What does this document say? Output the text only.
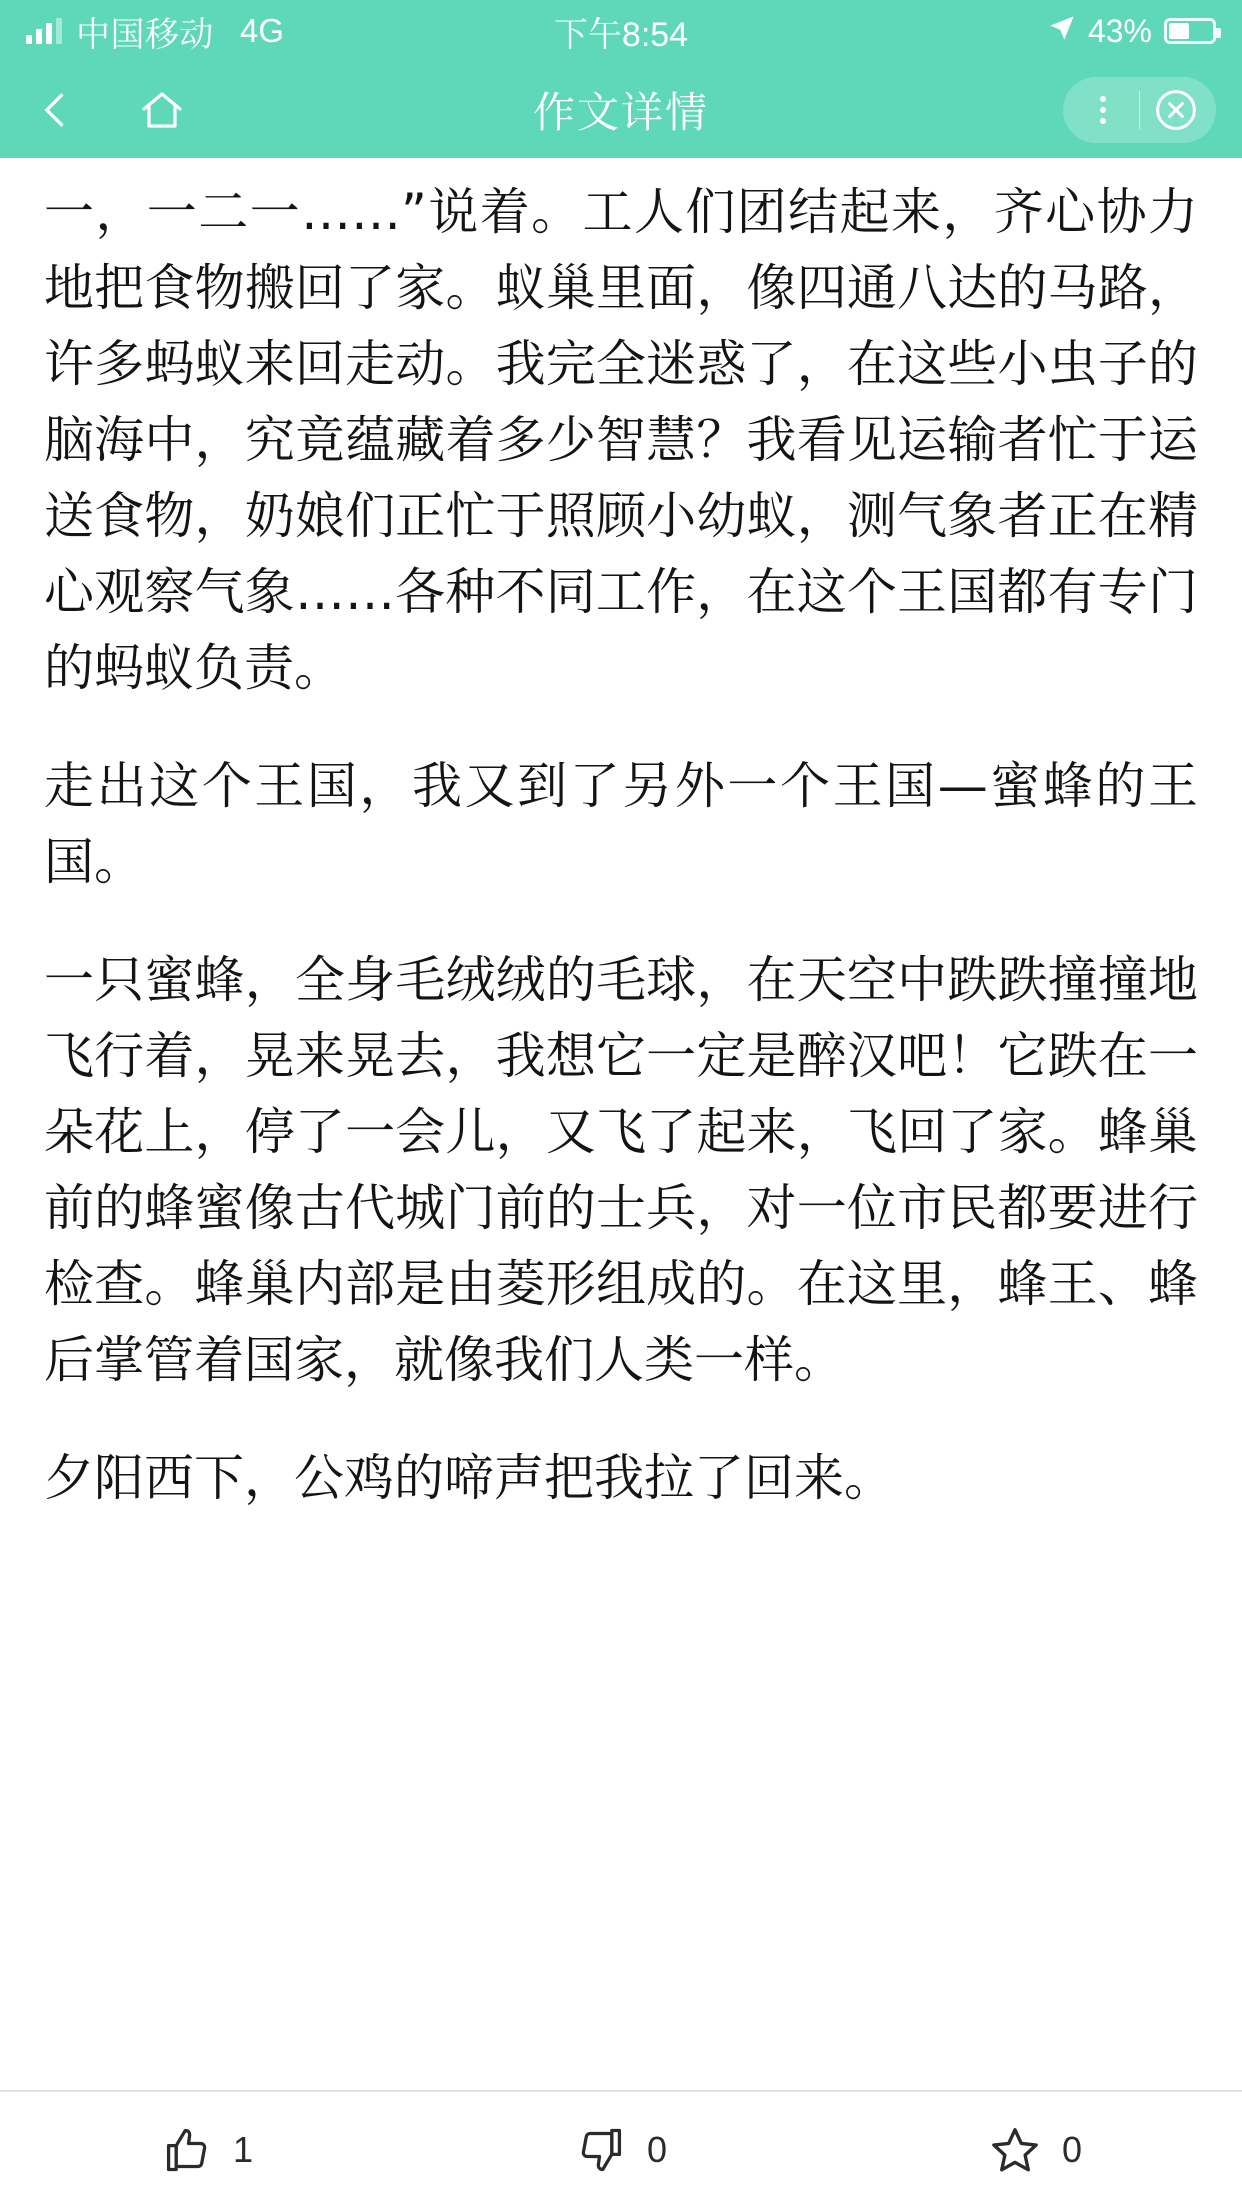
中国移动 4G	下午8:54	43%
作文详情

一，一二一……”说着。工人们团结起来，齐心协力地把食物搬回了家。蚁巢里面，像四通八达的马路，许多蚂蚁来回走动。我完全迷惑了，在这些小虫子的脑海中，究竟蕴藏着多少智慧？我看见运输者忙于运送食物，奶娘们正忙于照顾小幼蚁，测气象者正在精心观察气象……各种不同工作，在这个王国都有专门的蚂蚁负责。

走出这个王国，我又到了另外一个王国—蜜蜂的王国。

一只蜜蜂，全身毛绒绒的毛球，在天空中跌跌撞撞地飞行着，晃来晃去，我想它一定是醉汉吧！它跌在一朵花上，停了一会儿，又飞了起来，飞回了家。蜂巢前的蜂蜜像古代城门前的士兵，对一位市民都要进行检查。蜂巢内部是由菱形组成的。在这里，蜂王、蜂后掌管着国家，就像我们人类一样。

夕阳西下，公鸡的啼声把我拉了回来。

1	0	0
